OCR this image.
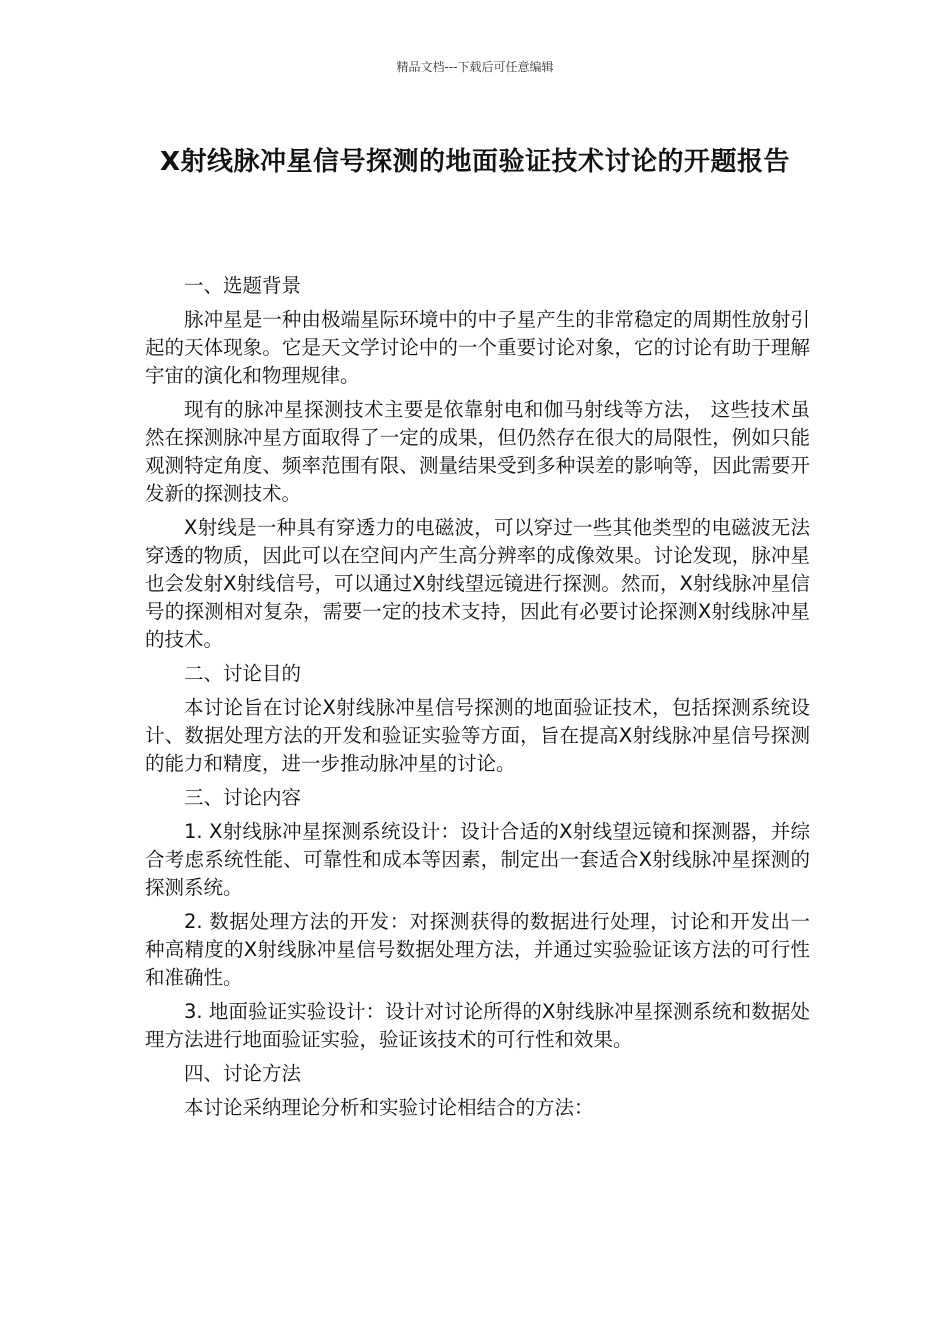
精品文档---下载后可任意编辑
X射线脉冲星信号探测的地面验证技术讨论的开题报告

一、选题背景

脉冲星是一种由极端星际环境中的中子星产生的非常稳定的周期性放射引起的天体现象。它是天文学讨论中的一个重要讨论对象，它的讨论有助于理解宇宙的演化和物理规律。

现有的脉冲星探测技术主要是依靠射电和伽马射线等方法， 这些技术虽然在探测脉冲星方面取得了一定的成果，但仍然存在很大的局限性，例如只能观测特定角度、频率范围有限、测量结果受到多种误差的影响等，因此需要开发新的探测技术。

X射线是一种具有穿透力的电磁波，可以穿过一些其他类型的电磁波无法穿透的物质，因此可以在空间内产生高分辨率的成像效果。讨论发现，脉冲星也会发射X射线信号，可以通过X射线望远镜进行探测。然而，X射线脉冲星信号的探测相对复杂，需要一定的技术支持，因此有必要讨论探测X射线脉冲星的技术。

二、讨论目的

本讨论旨在讨论X射线脉冲星信号探测的地面验证技术，包括探测系统设计、数据处理方法的开发和验证实验等方面，旨在提高X射线脉冲星信号探测的能力和精度，进一步推动脉冲星的讨论。

三、讨论内容

1. X射线脉冲星探测系统设计：设计合适的X射线望远镜和探测器，并综合考虑系统性能、可靠性和成本等因素，制定出一套适合X射线脉冲星探测的探测系统。

2. 数据处理方法的开发：对探测获得的数据进行处理，讨论和开发出一种高精度的X射线脉冲星信号数据处理方法，并通过实验验证该方法的可行性和准确性。

3. 地面验证实验设计：设计对讨论所得的X射线脉冲星探测系统和数据处理方法进行地面验证实验，验证该技术的可行性和效果。

四、讨论方法

本讨论采纳理论分析和实验讨论相结合的方法：
